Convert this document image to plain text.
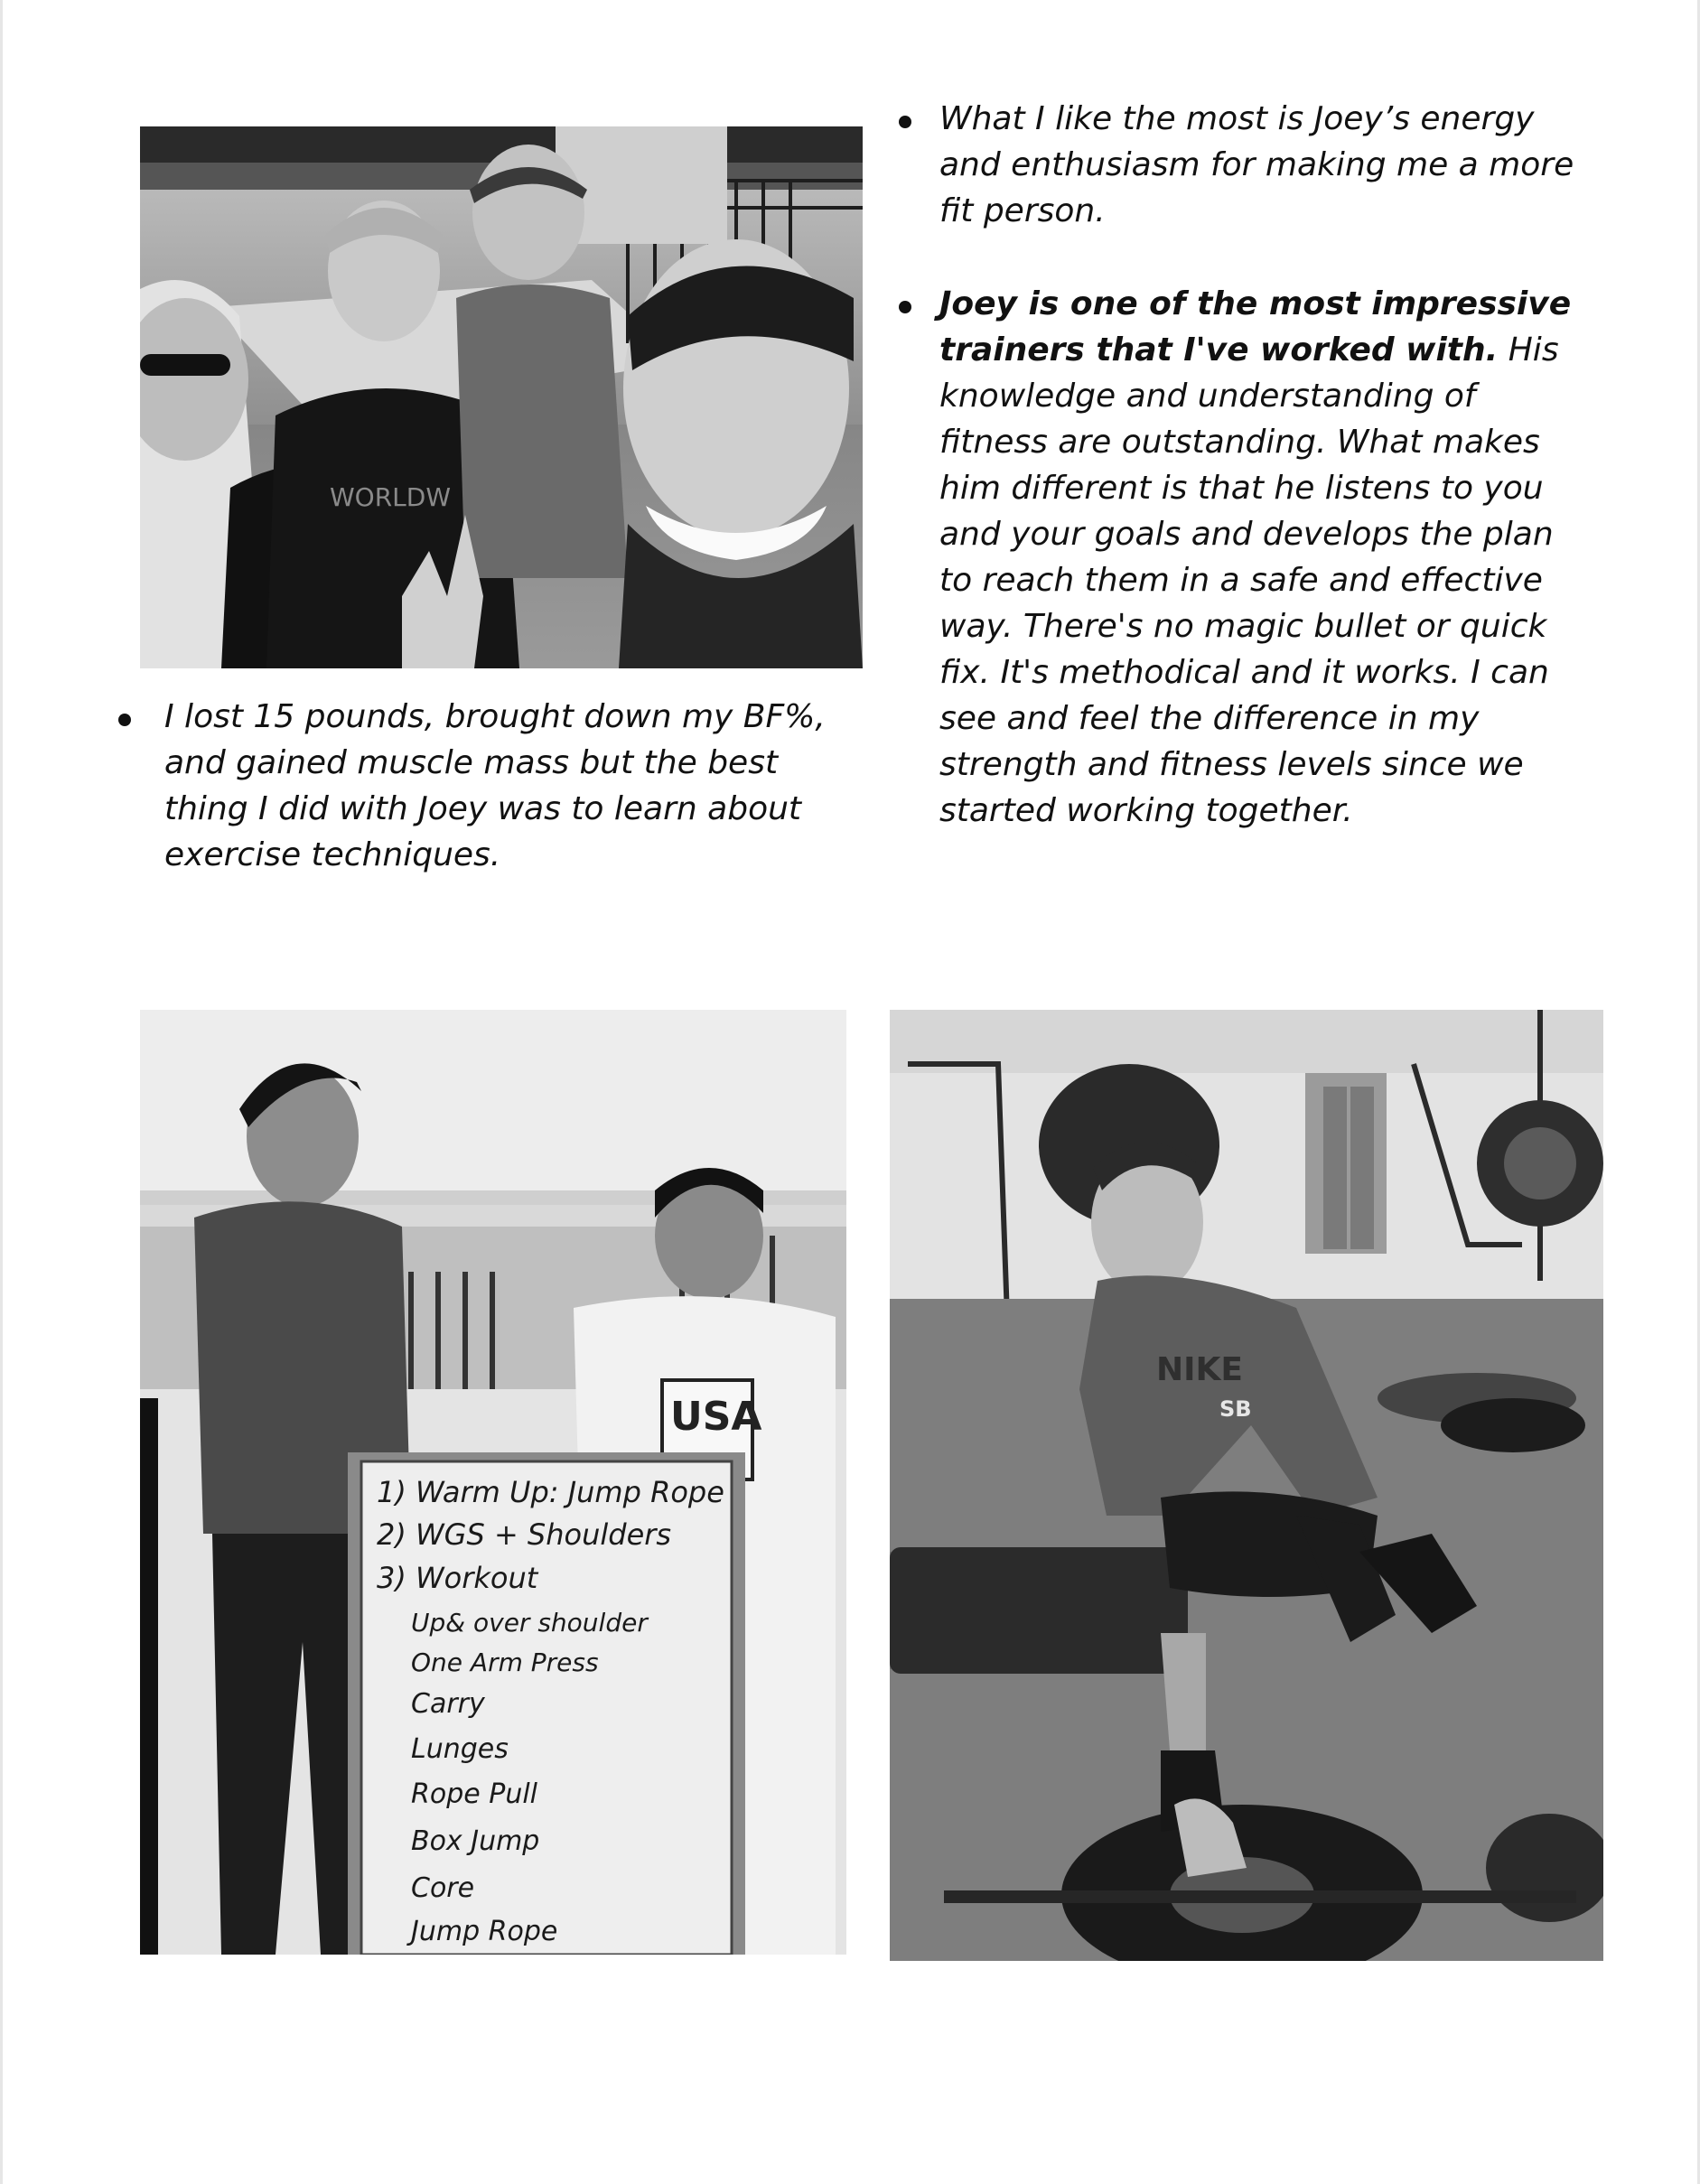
WORLDW
What I like the most is Joey’s energy and enthusiasm for making me a more fit person.
Joey is one of the most impressive trainers that I've worked with. His knowledge and understanding of fitness are outstanding. What makes him different is that he listens to you and your goals and develops the plan to reach them in a safe and effective way. There's no magic bullet or quick fix. It's methodical and it works. I can see and feel the difference in my strength and fitness levels since we started working together.
I lost 15 pounds, brought down my BF%, and gained muscle mass but the best thing I did with Joey was to learn about exercise techniques.
USA
1) Warm Up: Jump Rope
2) WGS + Shoulders
3) Workout
Up& over shoulder
One Arm Press
Carry
Lunges
Rope Pull
Box Jump
Core
Jump Rope
NIKE
SB
